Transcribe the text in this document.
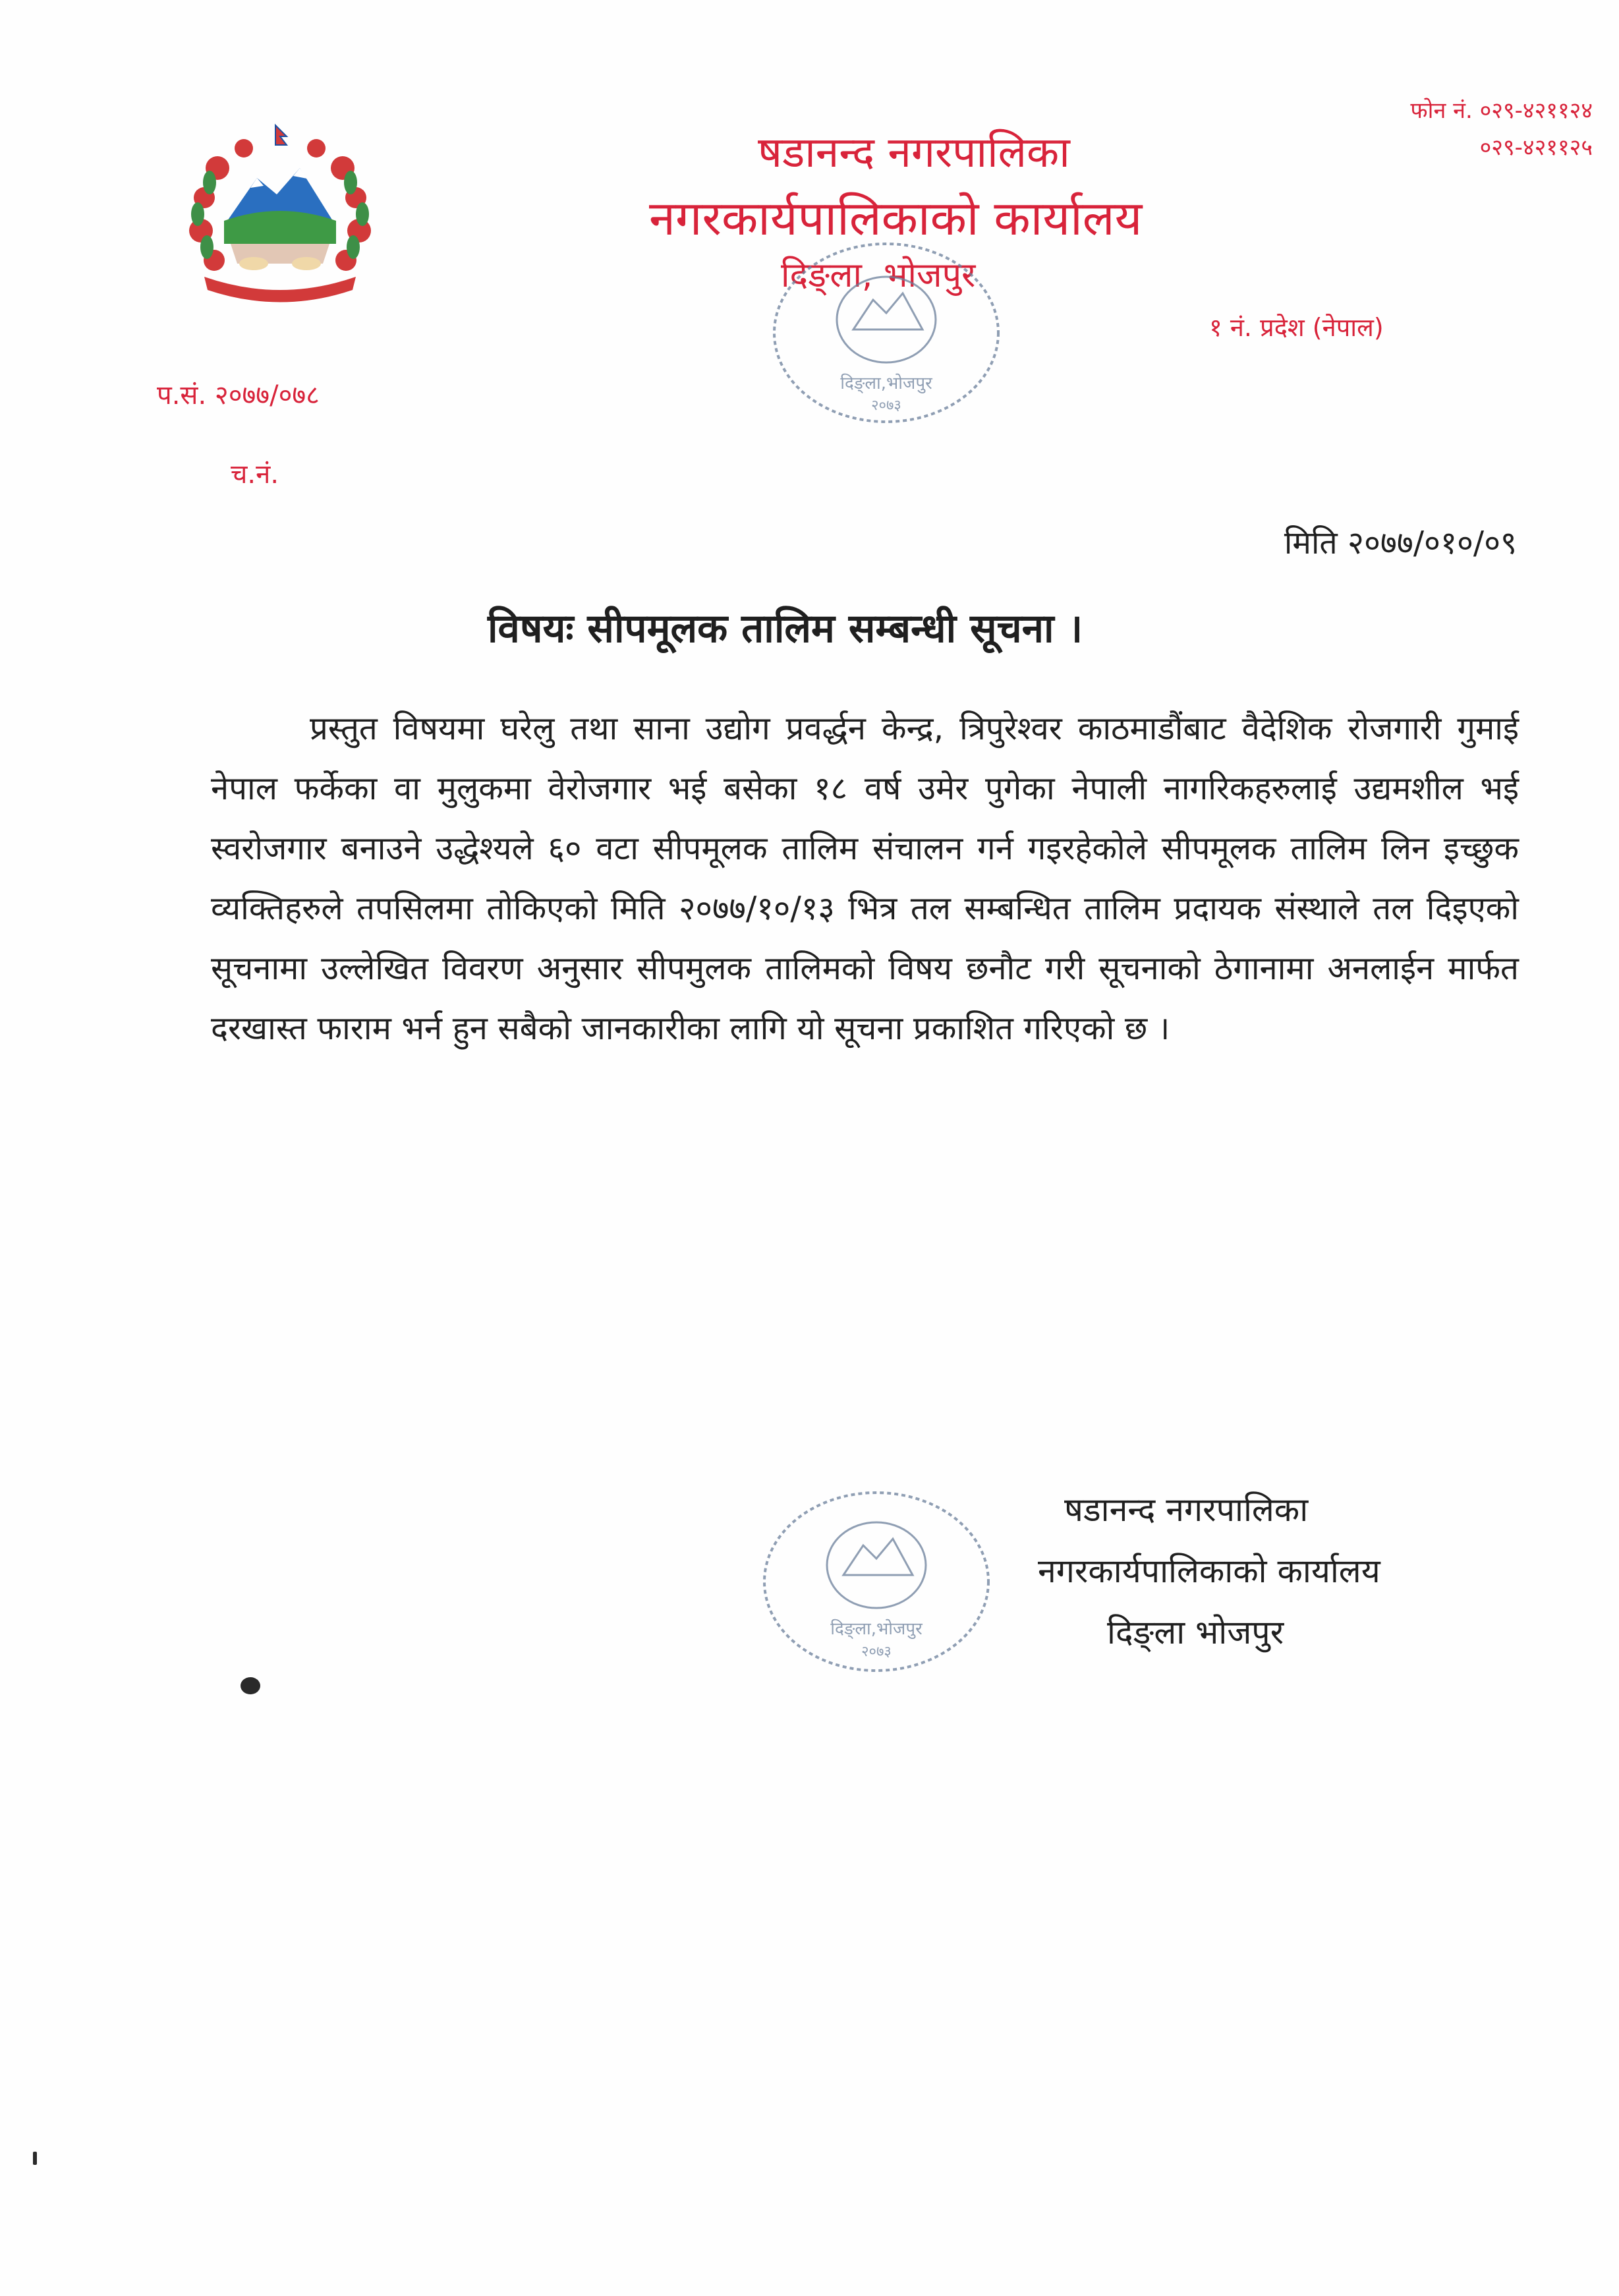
षडानन्द नगरपालिका
नगरकार्यपालिकाको कार्यालय
दिङ्ला, भोजपुर
फोन नं. ०२९-४२११२४
०२९-४२११२५
१ नं. प्रदेश (नेपाल)
प.सं. २०७७/०७८
च.नं.
दिङ्ला,भोजपुर
२०७३
मिति २०७७/०१०/०९
विषयः सीपमूलक तालिम सम्बन्धी सूचना ।
प्रस्तुत विषयमा घरेलु तथा साना उद्योग प्रवर्द्धन केन्द्र, त्रिपुरेश्वर काठमाडौंबाट वैदेशिक रोजगारी गुमाई नेपाल फर्केका वा मुलुकमा वेरोजगार भई बसेका १८ वर्ष उमेर पुगेका नेपाली नागरिकहरुलाई उद्यमशील भई स्वरोजगार बनाउने उद्धेश्यले ६० वटा सीपमूलक तालिम संचालन गर्न गइरहेकोले सीपमूलक तालिम लिन इच्छुक व्यक्तिहरुले तपसिलमा तोकिएको मिति २०७७/१०/१३ भित्र तल सम्बन्धित तालिम प्रदायक संस्थाले तल दिइएको सूचनामा उल्लेखित विवरण अनुसार सीपमुलक तालिमको विषय छनौट गरी सूचनाको ठेगानामा अनलाईन मार्फत दरखास्त फाराम भर्न हुन सबैको जानकारीका लागि यो सूचना प्रकाशित गरिएको छ ।
दिङ्ला,भोजपुर
२०७३
षडानन्द नगरपालिका
नगरकार्यपालिकाको कार्यालय
दिङ्ला भोजपुर
